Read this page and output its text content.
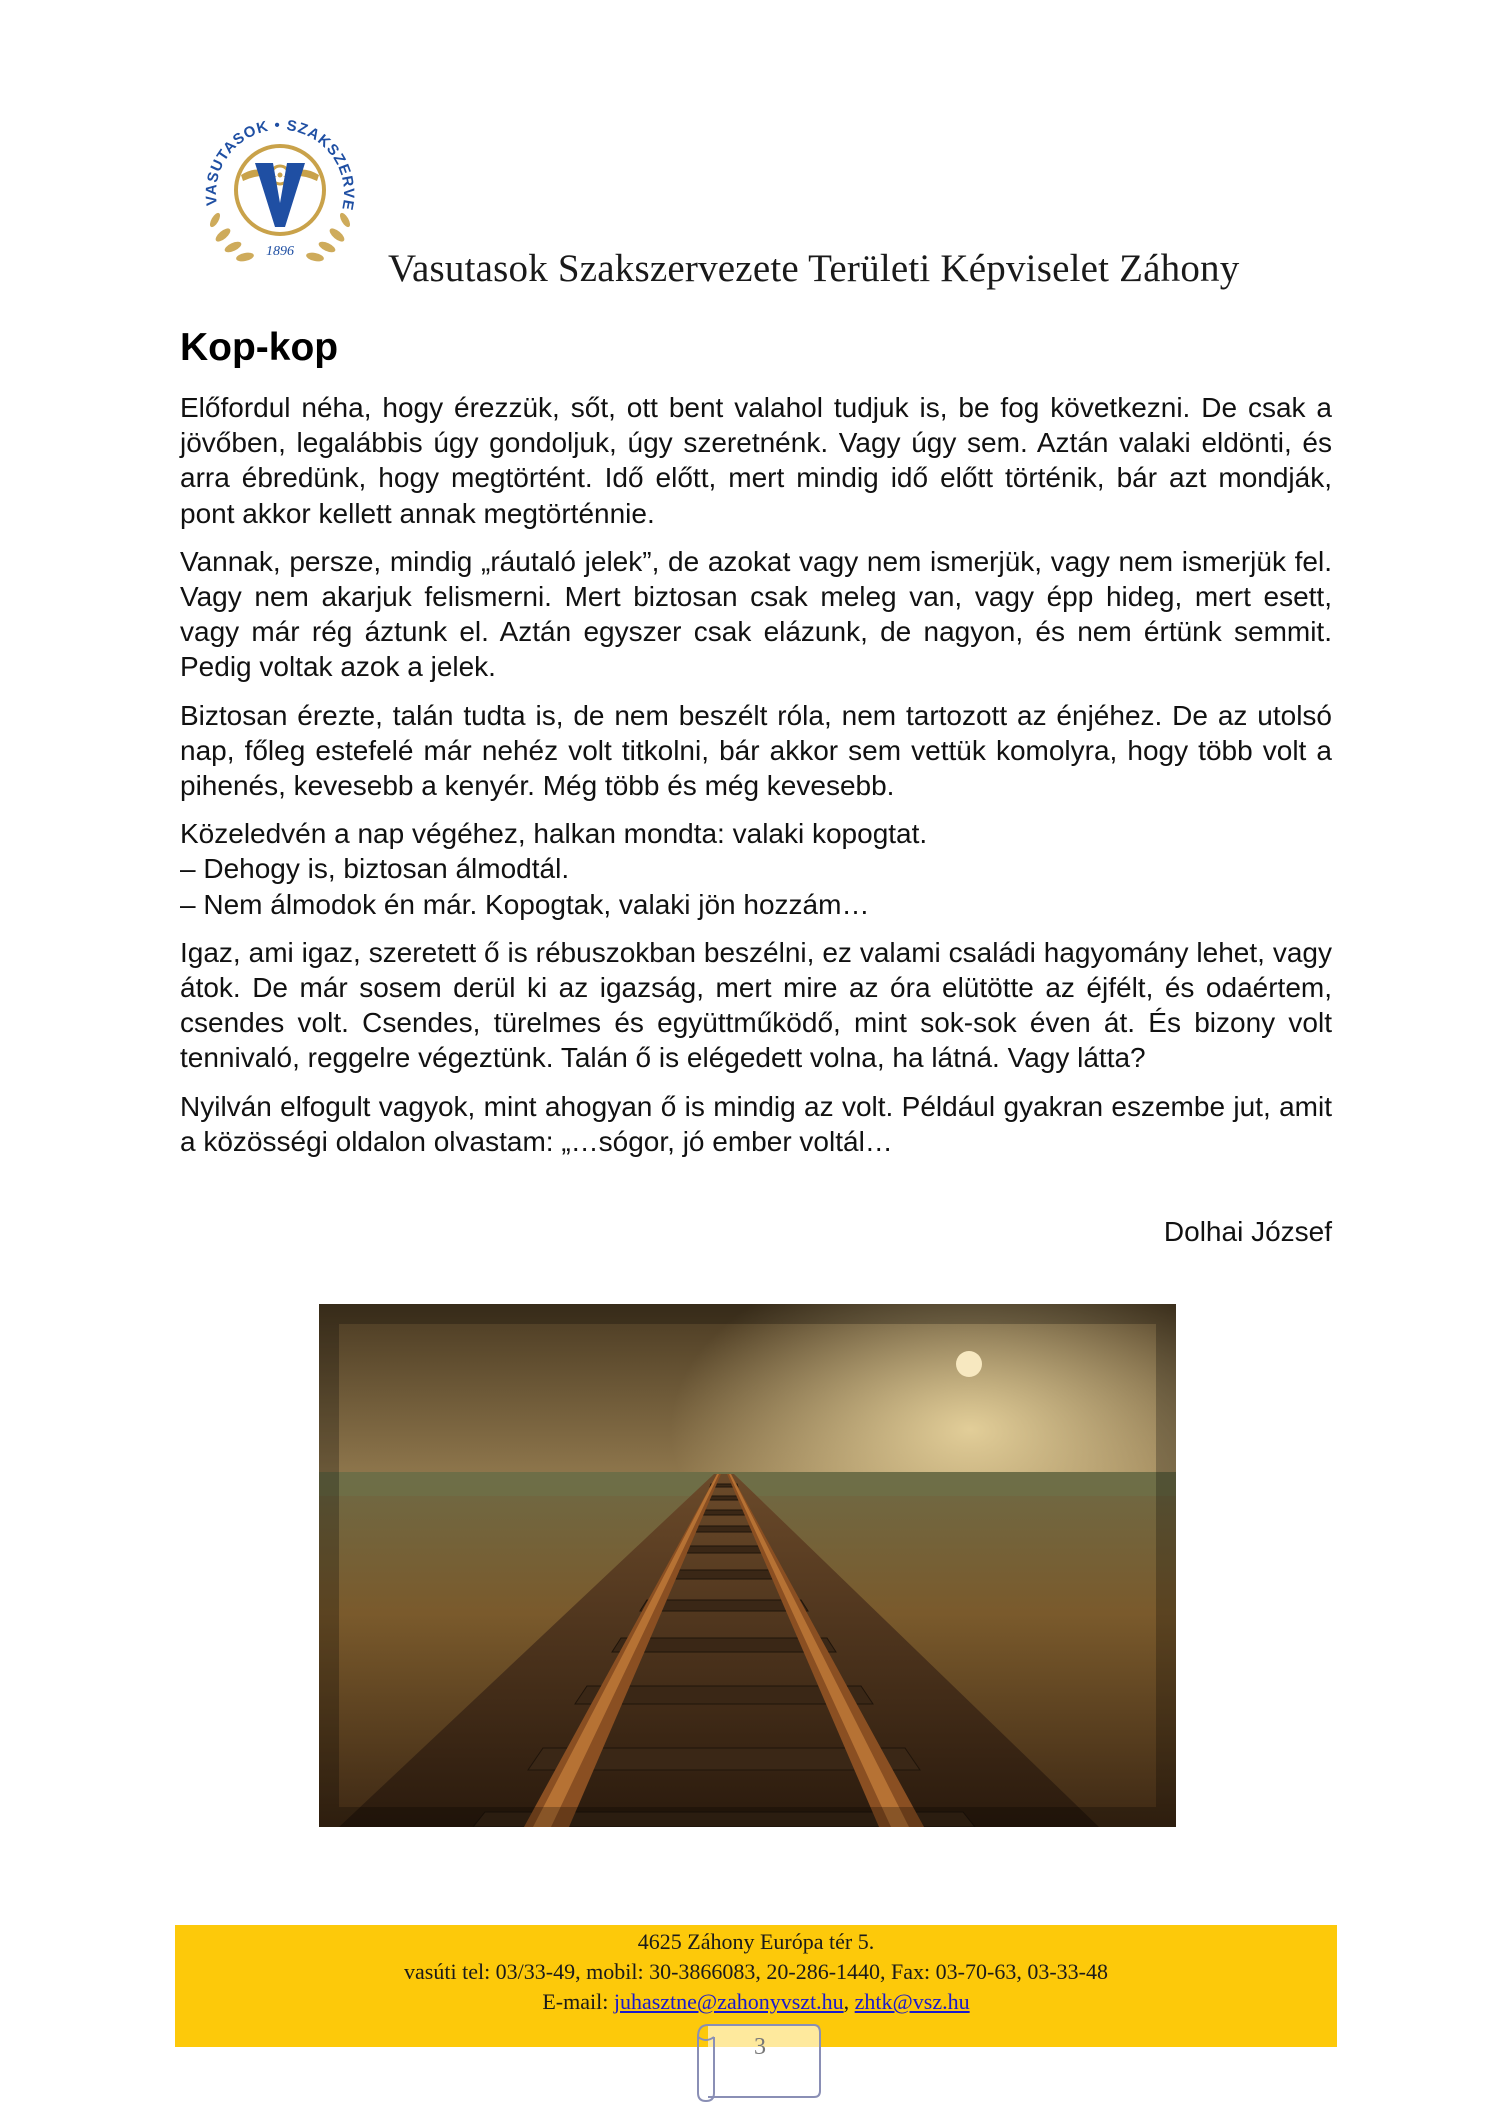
VASUTASOK • SZAKSZERVE
1896 Vasutasok Szakszervezete Területi Képviselet Záhony
Kop-kop

Előfordul néha, hogy érezzük, sőt, ott bent valahol tudjuk is, be fog következni. De csak a jövőben, legalábbis úgy gondoljuk, úgy szeretnénk. Vagy úgy sem. Aztán valaki eldönti, és arra ébredünk, hogy megtörtént. Idő előtt, mert mindig idő előtt történik, bár azt mondják, pont akkor kellett annak megtörténnie.

Vannak, persze, mindig „ráutaló jelek”, de azokat vagy nem ismerjük, vagy nem ismerjük fel. Vagy nem akarjuk felismerni. Mert biztosan csak meleg van, vagy épp hideg, mert esett, vagy már rég áztunk el. Aztán egyszer csak elázunk, de nagyon, és nem értünk semmit. Pedig voltak azok a jelek.

Biztosan érezte, talán tudta is, de nem beszélt róla, nem tartozott az énjéhez. De az utolsó nap, főleg estefelé már nehéz volt titkolni, bár akkor sem vettük komolyra, hogy több volt a pihenés, kevesebb a kenyér. Még több és még kevesebb.

Közeledvén a nap végéhez, halkan mondta: valaki kopogtat.
– Dehogy is, biztosan álmodtál.
– Nem álmodok én már. Kopogtak, valaki jön hozzám…

Igaz, ami igaz, szeretett ő is rébuszokban beszélni, ez valami családi hagyomány lehet, vagy átok. De már sosem derül ki az igazság, mert mire az óra elütötte az éjfélt, és odaértem, csendes volt. Csendes, türelmes és együttműködő, mint sok-sok éven át. És bizony volt tennivaló, reggelre végeztünk. Talán ő is elégedett volna, ha látná. Vagy látta?

Nyilván elfogult vagyok, mint ahogyan ő is mindig az volt. Például gyakran eszembe jut, amit a közösségi oldalon olvastam: „…sógor, jó ember voltál…

Dolhai József
4625 Záhony Európa tér 5.
vasúti tel: 03/33-49, mobil: 30-3866083, 20-286-1440, Fax: 03-70-63, 03-33-48
E-mail: juhasztne@zahonyvszt.hu, zhtk@vsz.hu
3
